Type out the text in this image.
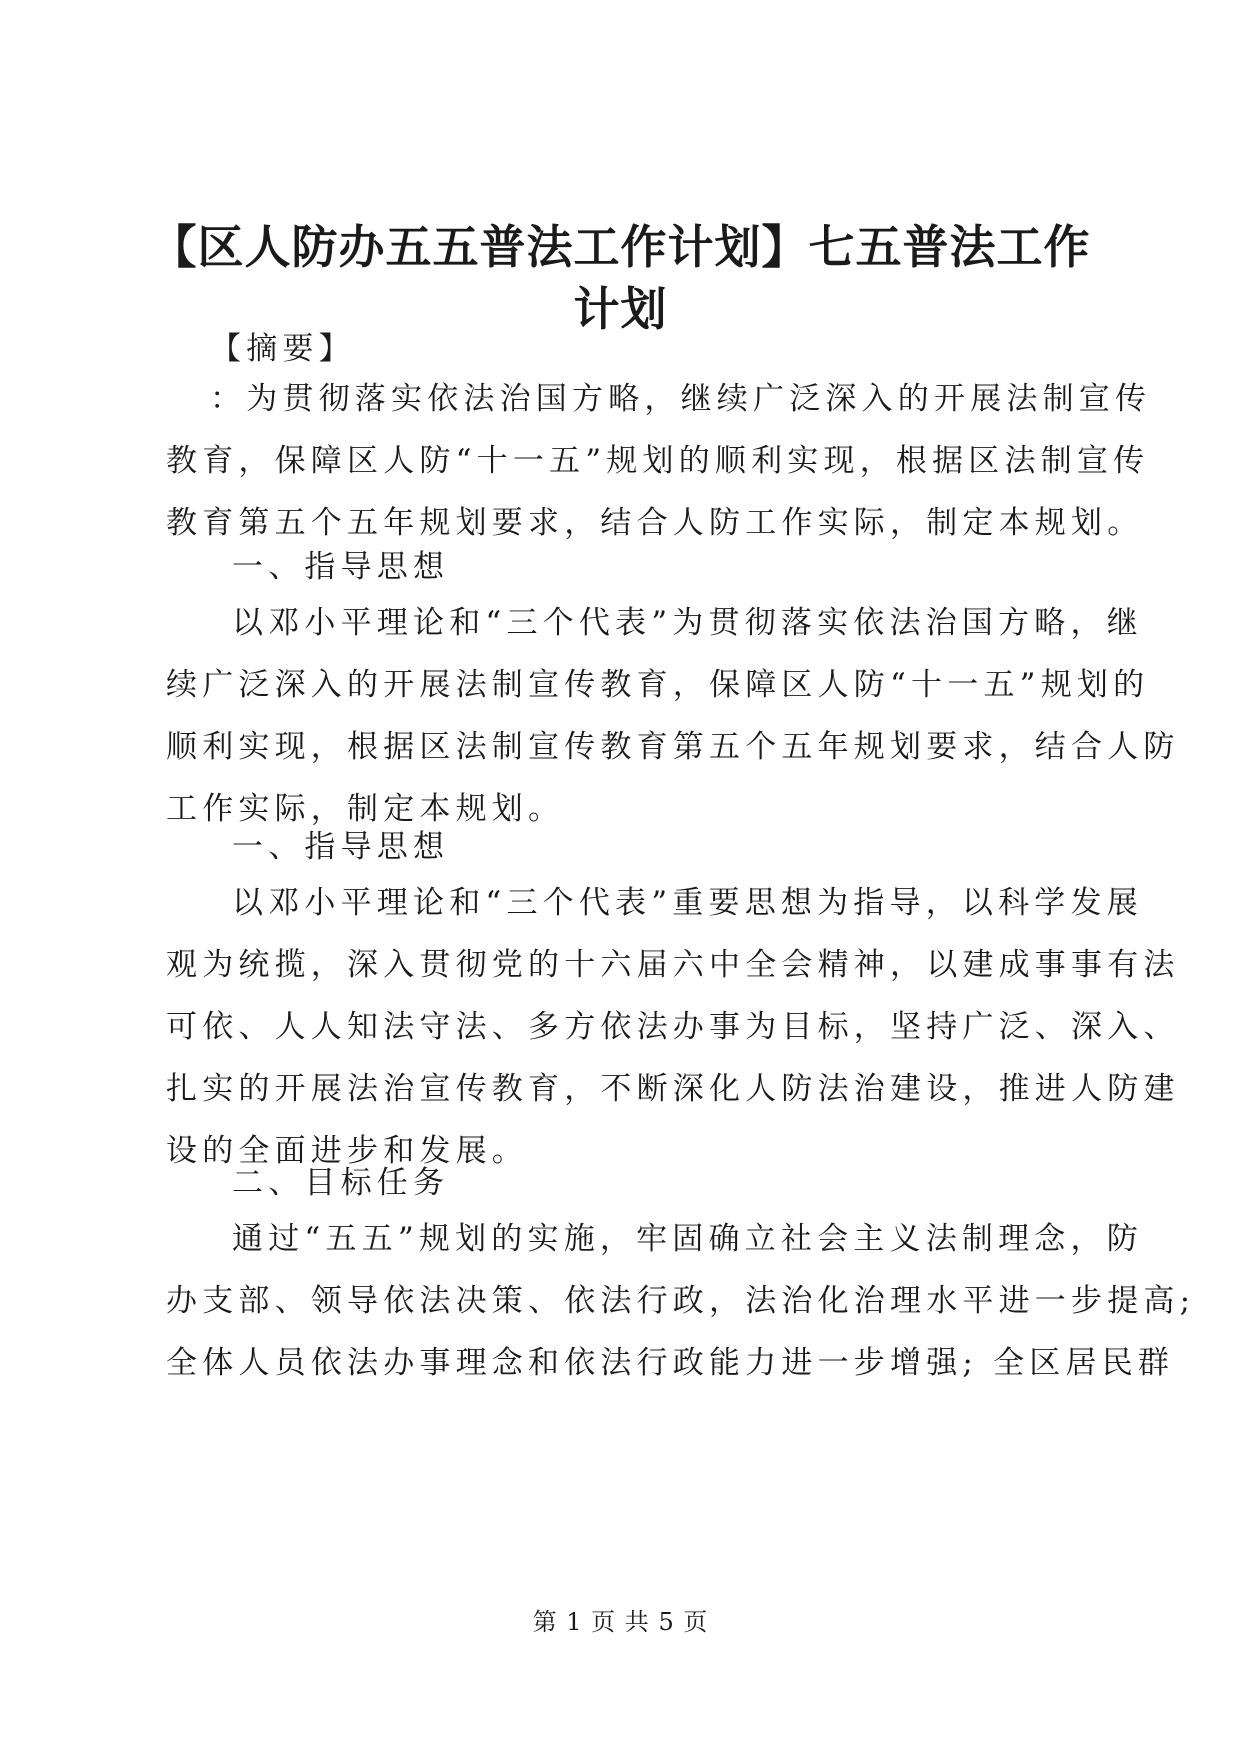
【区人防办五五普法工作计划】七五普法工作
计划
【摘要】
：为贯彻落实依法治国方略，继续广泛深入的开展法制宣传
教育，保障区人防“十一五”规划的顺利实现，根据区法制宣传
教育第五个五年规划要求，结合人防工作实际，制定本规划。
一、指导思想
以邓小平理论和“三个代表”为贯彻落实依法治国方略，继
续广泛深入的开展法制宣传教育，保障区人防“十一五”规划的
顺利实现，根据区法制宣传教育第五个五年规划要求，结合人防
工作实际，制定本规划。
一、指导思想
以邓小平理论和“三个代表”重要思想为指导，以科学发展
观为统揽，深入贯彻党的十六届六中全会精神，以建成事事有法
可依、人人知法守法、多方依法办事为目标，坚持广泛、深入、
扎实的开展法治宣传教育，不断深化人防法治建设，推进人防建
设的全面进步和发展。
二、目标任务
通过“五五”规划的实施，牢固确立社会主义法制理念，防
办支部、领导依法决策、依法行政，法治化治理水平进一步提高;
全体人员依法办事理念和依法行政能力进一步增强; 全区居民群
第 1 页 共 5 页
